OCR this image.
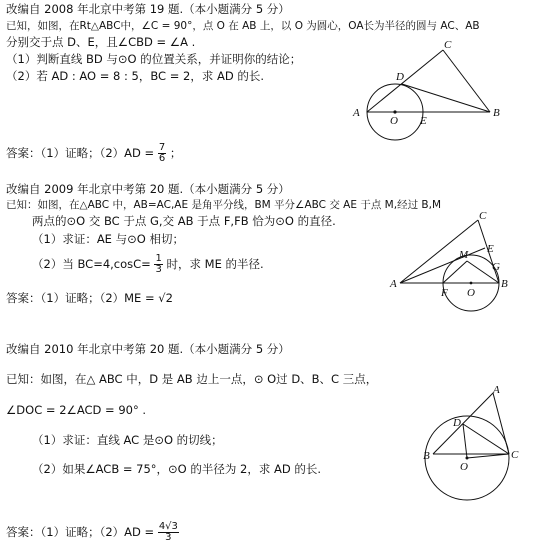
改编自 2008 年北京中考第 19 题.（本小题满分 5 分）
已知，如图，在Rt△ABC中，∠C = 90°，点 O 在 AB 上，以 O 为圆心，OA长为半径的圆与 AC、AB
分别交于点 D、E，且∠CBD = ∠A .
（1）判断直线 BD 与⊙O 的位置关系，并证明你的结论；
（2）若 AD : AO = 8 : 5，BC = 2，求 AD 的长.
A	B
C
D
E
O
答案：（1）证略；$(2)AD = \frac{7}{6}$ ；
改编自 2009 年北京中考第 20 题.（本小题满分 5 分）
已知：如图，在△ABC 中，AB=AC,AE 是角平分线，BM 平分∠ABC 交 AE 于点 M,经过 B,M
两点的⊙O 交 BC 于点 G,交 AB 于点 F,FB 恰为⊙O 的直径.
（1）求证：AE 与⊙O 相切；
（2）当 $BC=4,\cos C= \frac{1}{3}$ 时，求 ME 的半径.
答案：（1）证略；（2）ME = √2
A	B
C
E
M
G
F O
改编自 2010 年北京中考第 20 题.（本小题满分 5 分）
已知：如图，在△ ABC 中，D 是 AB 边上一点，⊙ O过 D、B、C 三点，
∠DOC = 2∠ACD = 90° .
（1）求证：直线 AC 是⊙O 的切线；
（2）如果∠ACB = 75°，⊙O 的半径为 2，求 AD 的长.
答案：（1）证略；$(2)AD = \frac{4√3}{3}$
A
B	C
D
O
